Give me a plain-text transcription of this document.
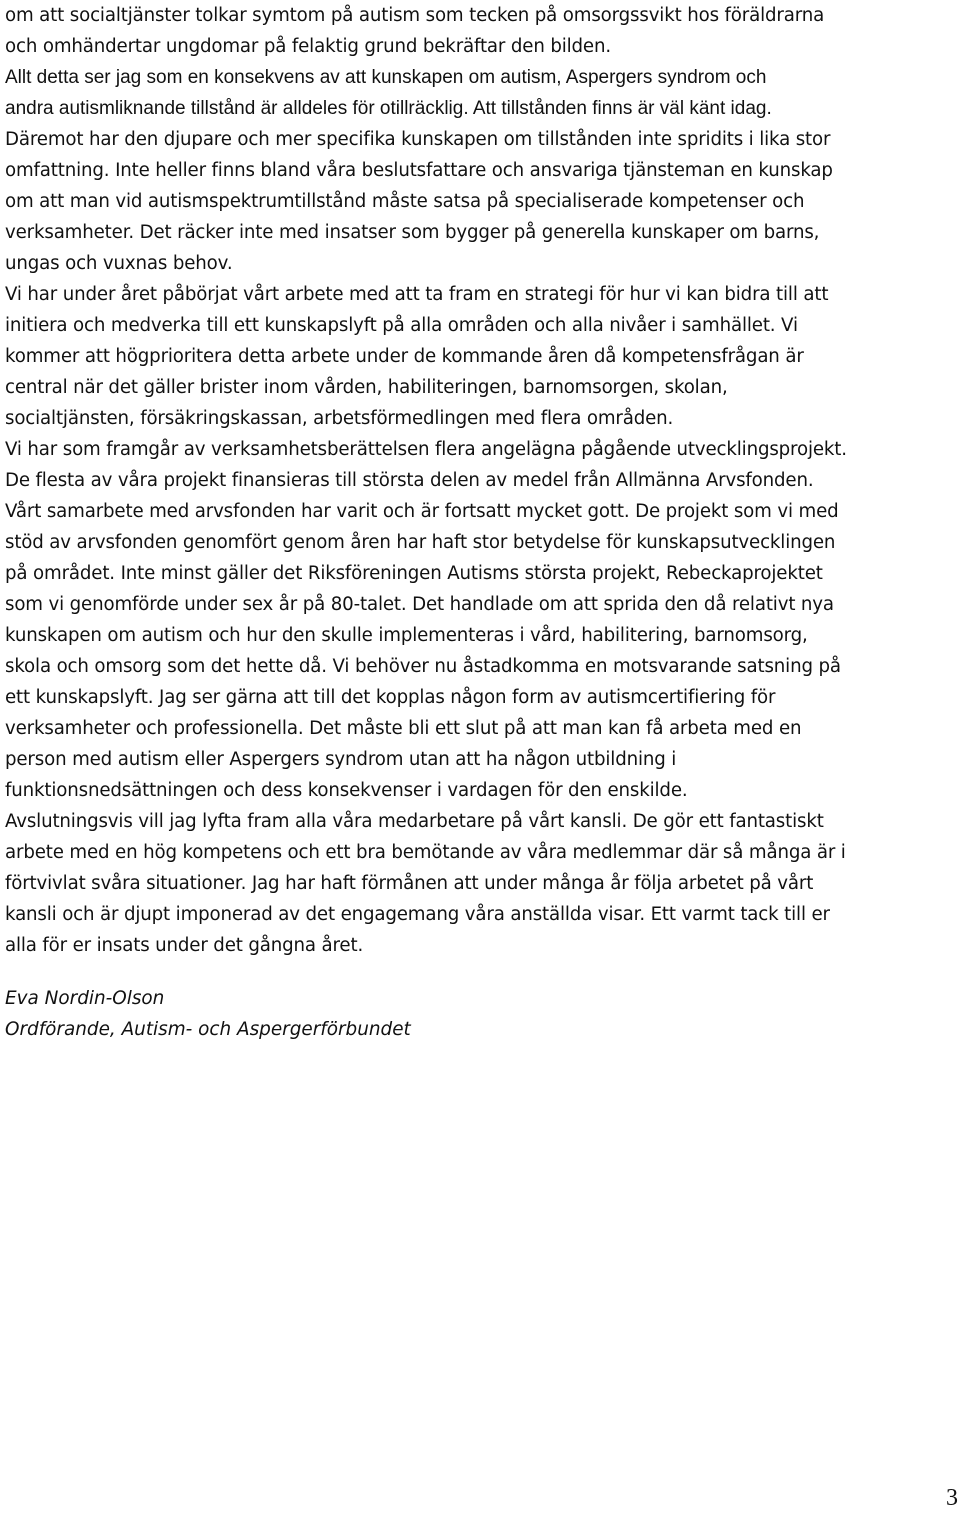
om att socialtjänster tolkar symtom på autism som tecken på omsorgssvikt hos föräldrarna
och omhändertar ungdomar på felaktig grund bekräftar den bilden.
Allt detta ser jag som en konsekvens av att kunskapen om autism, Aspergers syndrom och
andra autismliknande tillstånd är alldeles för otillräcklig. Att tillstånden finns är väl känt idag.
Däremot har den djupare och mer specifika kunskapen om tillstånden inte spridits i lika stor
omfattning. Inte heller finns bland våra beslutsfattare och ansvariga tjänsteman en kunskap
om att man vid autismspektrumtillstånd måste satsa på specialiserade kompetenser och
verksamheter. Det räcker inte med insatser som bygger på generella kunskaper om barns,
ungas och vuxnas behov.
Vi har under året påbörjat vårt arbete med att ta fram en strategi för hur vi kan bidra till att
initiera och medverka till ett kunskapslyft på alla områden och alla nivåer i samhället. Vi
kommer att högprioritera detta arbete under de kommande åren då kompetensfrågan är
central när det gäller brister inom vården, habiliteringen, barnomsorgen, skolan,
socialtjänsten, försäkringskassan, arbetsförmedlingen med flera områden.
Vi har som framgår av verksamhetsberättelsen flera angelägna pågående utvecklingsprojekt.
De flesta av våra projekt finansieras till största delen av medel från Allmänna Arvsfonden.
Vårt samarbete med arvsfonden har varit och är fortsatt mycket gott. De projekt som vi med
stöd av arvsfonden genomfört genom åren har haft stor betydelse för kunskapsutvecklingen
på området. Inte minst gäller det Riksföreningen Autisms största projekt, Rebeckaprojektet
som vi genomförde under sex år på 80-talet. Det handlade om att sprida den då relativt nya
kunskapen om autism och hur den skulle implementeras i vård, habilitering, barnomsorg,
skola och omsorg som det hette då. Vi behöver nu åstadkomma en motsvarande satsning på
ett kunskapslyft. Jag ser gärna att till det kopplas någon form av autismcertifiering för
verksamheter och professionella. Det måste bli ett slut på att man kan få arbeta med en
person med autism eller Aspergers syndrom utan att ha någon utbildning i
funktionsnedsättningen och dess konsekvenser i vardagen för den enskilde.
Avslutningsvis vill jag lyfta fram alla våra medarbetare på vårt kansli. De gör ett fantastiskt
arbete med en hög kompetens och ett bra bemötande av våra medlemmar där så många är i
förtvivlat svåra situationer. Jag har haft förmånen att under många år följa arbetet på vårt
kansli och är djupt imponerad av det engagemang våra anställda visar. Ett varmt tack till er
alla för er insats under det gångna året.
Eva Nordin-Olson
Ordförande, Autism- och Aspergerförbundet
3
